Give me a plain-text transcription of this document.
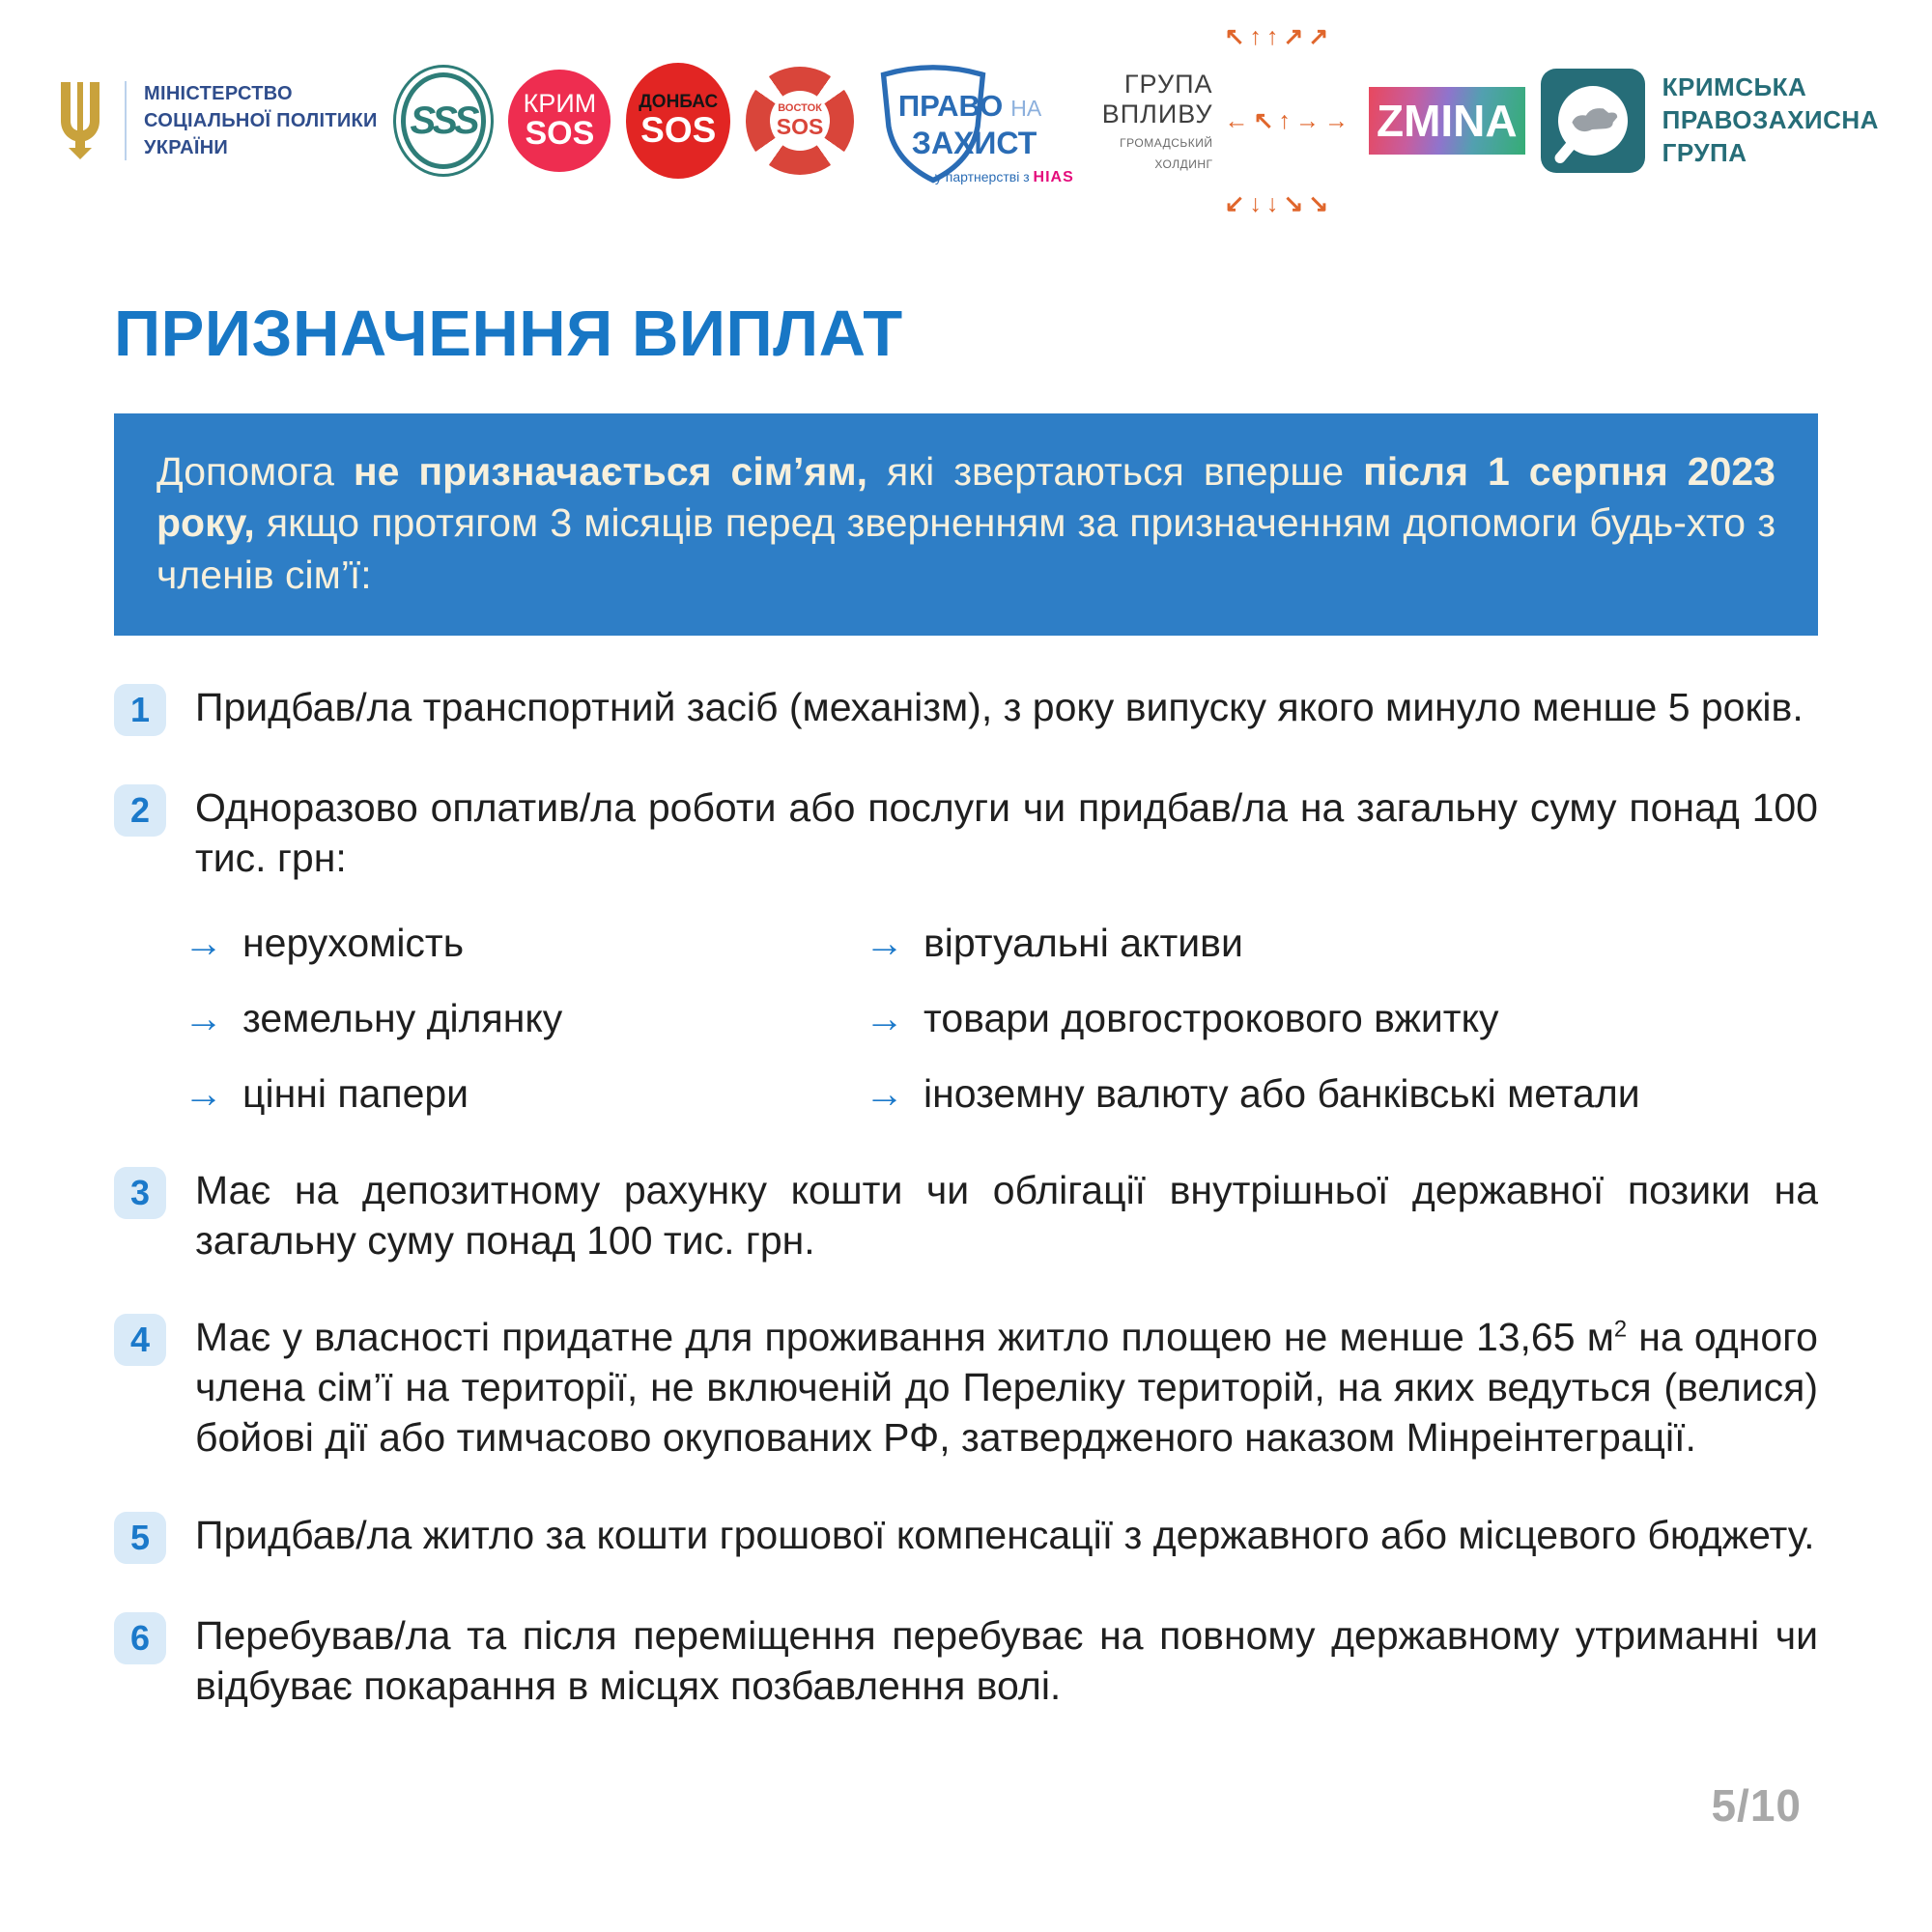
МІНІСТЕРСТВО
СОЦІАЛЬНОЇ ПОЛІТИКИ
УКРАЇНИ
SSS КРИМ
SOS
ДОНБАС
SOS
ВОСТОК
SOS
ПРАВО НА
ЗАХИСТ
у партнерстві з HIAS
ГРУПА
ВПЛИВУ
ГРОМАДСЬКИЙ
ХОЛДИНГ

↖↑↑↗↗

←↖↑→→

↙↓↓↘↘

ZMINA
КРИМСЬКА
ПРАВОЗАХИСНА
ГРУПА
ПРИЗНАЧЕННЯ ВИПЛАТ
Допомога не призначається сім’ям, які звертаються вперше після 1 серпня 2023 року, якщо протягом 3 місяців перед зверненням за призначенням допомоги будь-хто з членів сім’ї:
1	Придбав/ла транспортний засіб (механізм), з року випуску якого минуло менше 5 років.
2	Одноразово оплатив/ла роботи або послуги чи придбав/ла на загальну суму понад 100 тис. грн:
→ нерухомість	→ віртуальні активи
→ земельну ділянку	→ товари довгострокового вжитку
→ цінні папери	→ іноземну валюту або банківські метали
3	Має на депозитному рахунку кошти чи облігації внутрішньої державної позики на загальну суму понад 100 тис. грн.
4	Має у власності придатне для проживання житло площею не менше 13,65 $м^2$ на одного члена сім’ї на території, не включеній до Переліку територій, на яких ведуться (велися) бойові дії або тимчасово окупованих РФ, затвердженого наказом Мінреінтеграції.
5	Придбав/ла житло за кошти грошової компенсації з державного або місцевого бюджету.
6	Перебував/ла та після переміщення перебуває на повному державному утриманні чи відбуває покарання в місцях позбавлення волі.
5/10
